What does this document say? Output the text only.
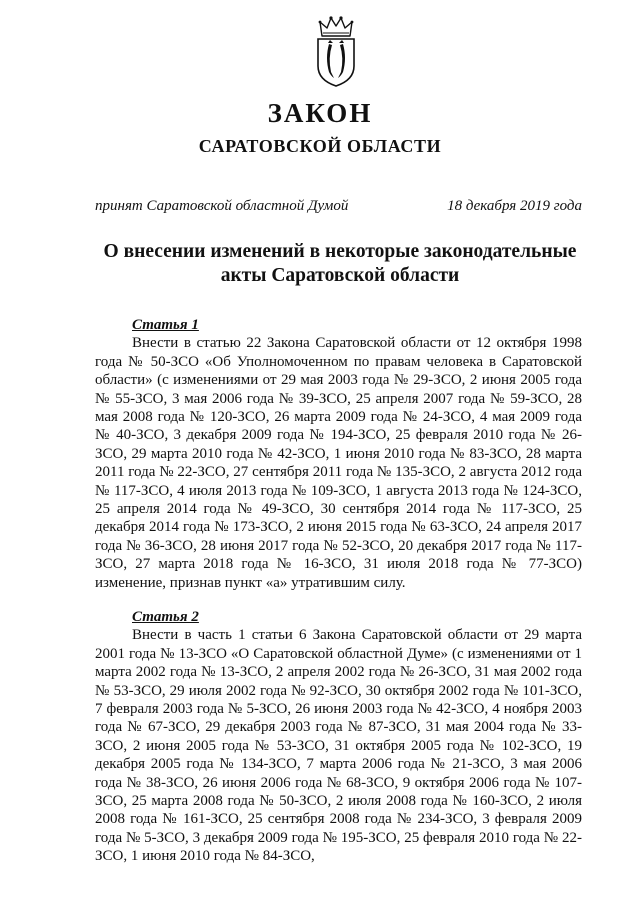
ЗАКОН
САРАТОВСКОЙ ОБЛАСТИ
принят Саратовской областной Думой	18 декабря 2019 года
О внесении изменений в некоторые законодательные акты Саратовской области

Статья 1

Внести в статью 22 Закона Саратовской области от 12 октября 1998 года № 50-ЗСО «Об Уполномоченном по правам человека в Саратовской области» (с изменениями от 29 мая 2003 года № 29-ЗСО, 2 июня 2005 года № 55-ЗСО, 3 мая 2006 года № 39-ЗСО, 25 апреля 2007 года № 59-ЗСО, 28 мая 2008 года № 120-ЗСО, 26 марта 2009 года № 24-ЗСО, 4 мая 2009 года № 40-ЗСО, 3 декабря 2009 года № 194-ЗСО, 25 февраля 2010 года № 26-ЗСО, 29 марта 2010 года № 42-ЗСО, 1 июня 2010 года № 83-ЗСО, 28 марта 2011 года № 22-ЗСО, 27 сентября 2011 года № 135-ЗСО, 2 августа 2012 года № 117-ЗСО, 4 июля 2013 года № 109-ЗСО, 1 августа 2013 года № 124-ЗСО, 25 апреля 2014 года № 49-ЗСО, 30 сентября 2014 года № 117-ЗСО, 25 декабря 2014 года № 173-ЗСО, 2 июня 2015 года № 63-ЗСО, 24 апреля 2017 года № 36-ЗСО, 28 июня 2017 года № 52-ЗСО, 20 декабря 2017 года № 117-ЗСО, 27 марта 2018 года № 16-ЗСО, 31 июля 2018 года № 77-ЗСО) изменение, признав пункт «а» утратившим силу.

Статья 2

Внести в часть 1 статьи 6 Закона Саратовской области от 29 марта 2001 года № 13-ЗСО «О Саратовской областной Думе» (с изменениями от 1 марта 2002 года № 13-ЗСО, 2 апреля 2002 года № 26-ЗСО, 31 мая 2002 года № 53-ЗСО, 29 июля 2002 года № 92-ЗСО, 30 октября 2002 года № 101-ЗСО, 7 февраля 2003 года № 5-ЗСО, 26 июня 2003 года № 42-ЗСО, 4 ноября 2003 года № 67-ЗСО, 29 декабря 2003 года № 87-ЗСО, 31 мая 2004 года № 33-ЗСО, 2 июня 2005 года № 53-ЗСО, 31 октября 2005 года № 102-ЗСО, 19 декабря 2005 года № 134-ЗСО, 7 марта 2006 года № 21-ЗСО, 3 мая 2006 года № 38-ЗСО, 26 июня 2006 года № 68-ЗСО, 9 октября 2006 года № 107-ЗСО, 25 марта 2008 года № 50-ЗСО, 2 июля 2008 года № 160-ЗСО, 2 июля 2008 года № 161-ЗСО, 25 сентября 2008 года № 234-ЗСО, 3 февраля 2009 года № 5-ЗСО, 3 декабря 2009 года № 195-ЗСО, 25 февраля 2010 года № 22-ЗСО, 1 июня 2010 года № 84-ЗСО,
